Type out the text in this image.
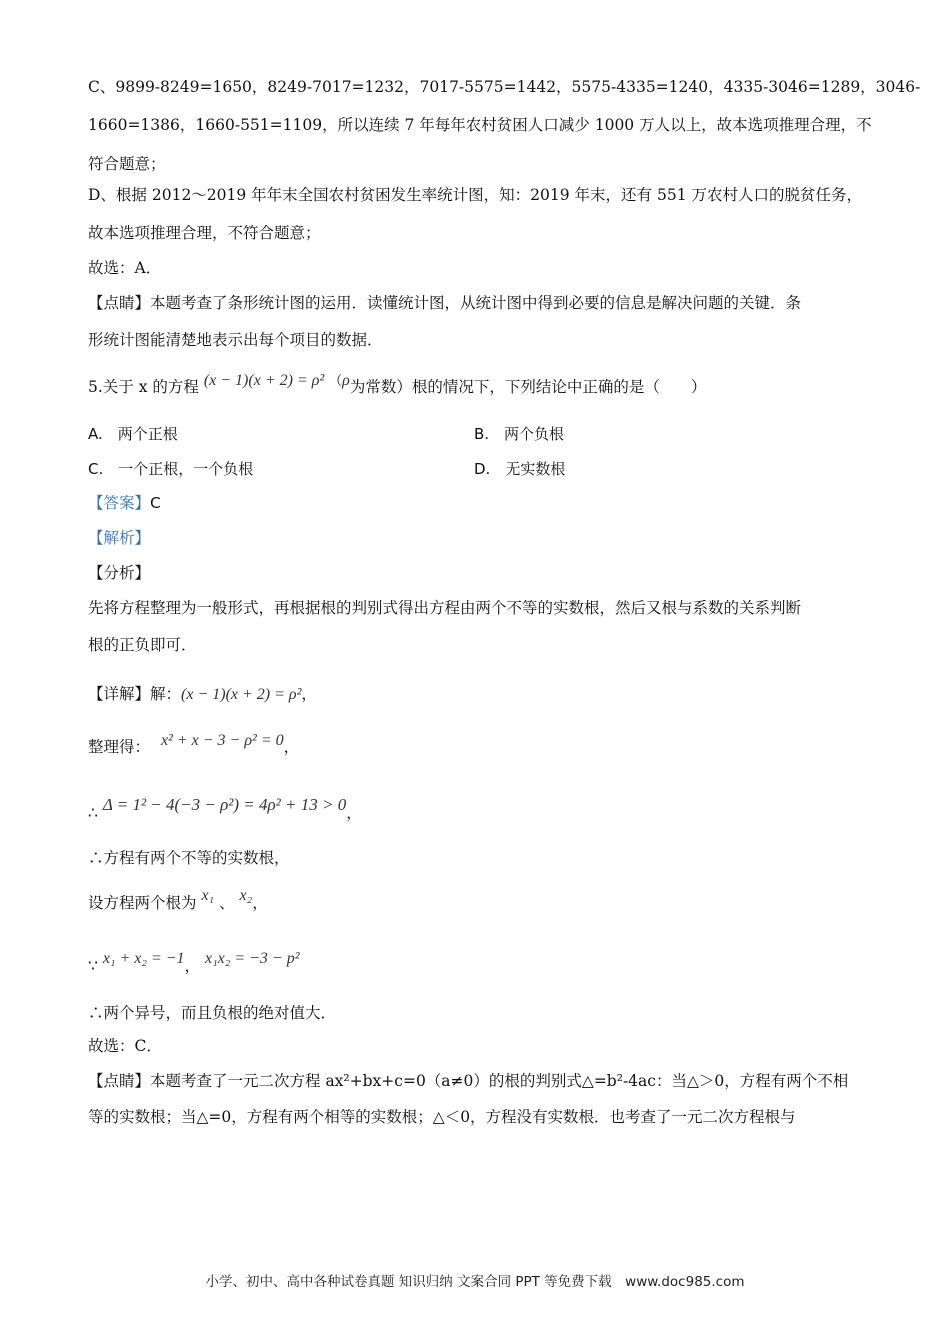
C、9899-8249=1650，8249-7017=1232，7017-5575=1442，5575-4335=1240，4335-3046=1289，3046-
1660=1386，1660-551=1109，所以连续 7 年每年农村贫困人口减少 1000 万人以上，故本选项推理合理，不
符合题意；
D、根据 2012～2019 年年末全国农村贫困发生率统计图，知：2019 年末，还有 551 万农村人口的脱贫任务，
故本选项推理合理，不符合题意；
故选：A．
【点睛】本题考查了条形统计图的运用．读懂统计图，从统计图中得到必要的信息是解决问题的关键．条
形统计图能清楚地表示出每个项目的数据．
5.关于 x 的方程 (x − 1)(x + 2) = ρ² （ρ为常数）根的情况下，下列结论中正确的是（　　）
A.　两个正根	B.　两个负根
C.　一个正根，一个负根	D.　无实数根
【答案】C
【解析】
【分析】
先将方程整理为一般形式，再根据根的判别式得出方程由两个不等的实数根，然后又根与系数的关系判断
根的正负即可．
【详解】解：(x − 1)(x + 2) = ρ²，
整理得： x² + x − 3 − ρ² = 0，
∴ Δ = 1² − 4(−3 − ρ²) = 4ρ² + 13 > 0，
∴方程有两个不等的实数根，
设方程两个根为 x₁ 、 x₂，
∵ x₁ + x₂ = −1， x₁x₂ = −3 − p²
∴两个异号，而且负根的绝对值大．
故选：C．
【点睛】本题考查了一元二次方程 ax²+bx+c=0（a≠0）的根的判别式△=b²-4ac：当△＞0，方程有两个不相
等的实数根；当△=0，方程有两个相等的实数根；△＜0，方程没有实数根．也考查了一元二次方程根与
小学、初中、高中各种试卷真题 知识归纳 文案合同 PPT 等免费下载　www.doc985.com
